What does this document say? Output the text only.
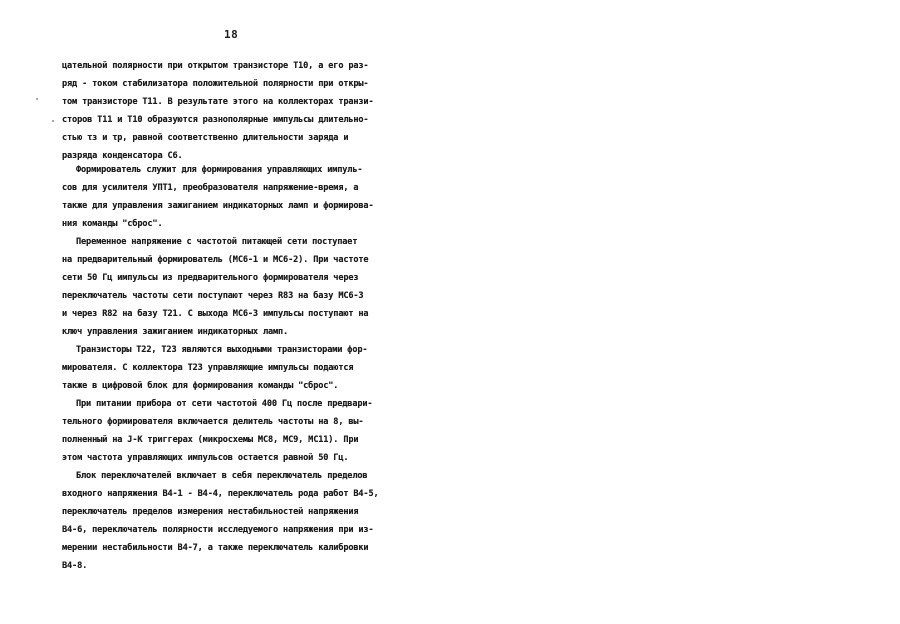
18
цательной полярности при открытом транзисторе Т10, а его раз-
ряд - током стабилизатора положительной полярности при откры-
том транзисторе Т11. В результате этого на коллекторах транзи-
сторов Т11 и Т10 образуются разнополярные импульсы длительно-
стью τз и τр, равной соответственно длительности заряда и
разряда конденсатора С6.
Формирователь служит для формирования управляющих импуль-
сов для усилителя УПТ1, преобразователя напряжение-время, а
также для управления зажиганием индикаторных ламп и формирова-
ния команды "сброс".
Переменное напряжение с частотой питающей сети поступает
на предварительный формирователь (МС6-1 и МС6-2). При частоте
сети 50 Гц импульсы из предварительного формирователя через
переключатель частоты сети поступают через R83 на базу МС6-3
и через R82 на базу Т21. С выхода МС6-3 импульсы поступают на
ключ управления зажиганием индикаторных ламп.
Транзисторы Т22, Т23 являются выходными транзисторами фор-
мирователя. С коллектора Т23 управляющие импульсы подаются
также в цифровой блок для формирования команды "сброс".
При питании прибора от сети частотой 400 Гц после предвари-
тельного формирователя включается делитель частоты на 8, вы-
полненный на J-K триггерах (микросхемы МС8, МС9, МС11). При
этом частота управляющих импульсов остается равной 50 Гц.
Блок переключателей включает в себя переключатель пределов
входного напряжения В4-1 - В4-4, переключатель рода работ В4-5,
переключатель пределов измерения нестабильностей напряжения
В4-6, переключатель полярности исследуемого напряжения при из-
мерении нестабильности В4-7, а также переключатель калибровки
В4-8.
